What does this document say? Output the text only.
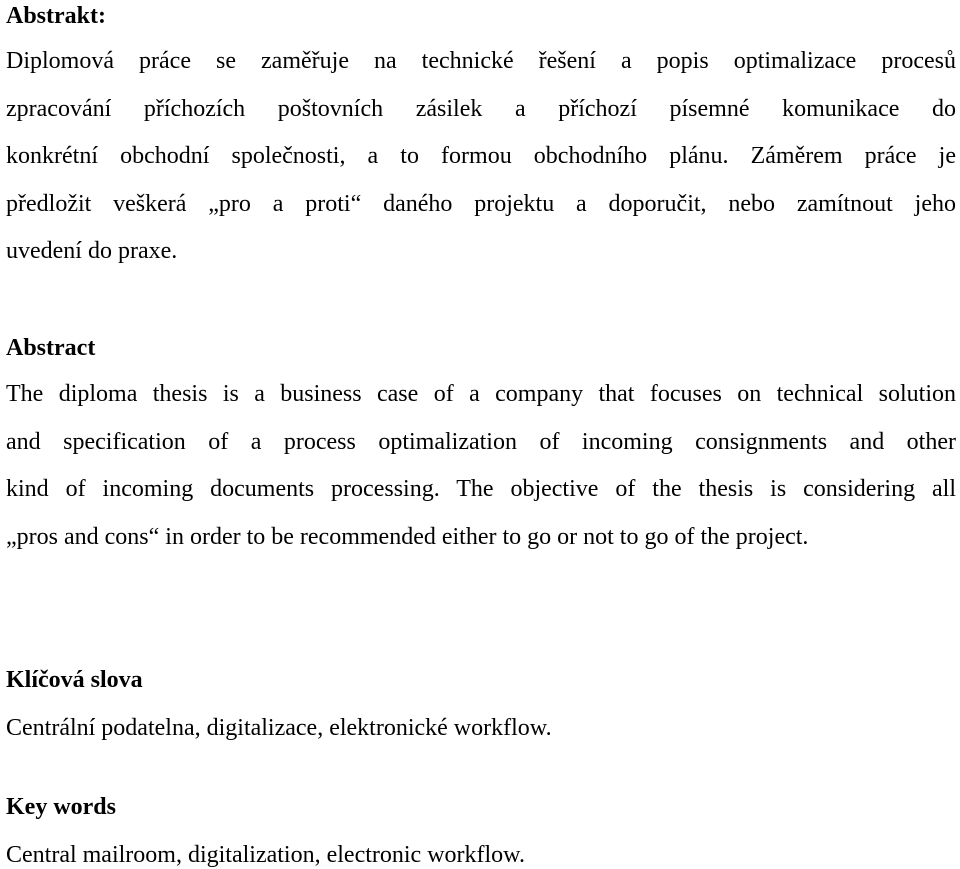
Abstrakt:
Diplomová práce se zaměřuje na technické řešení a popis optimalizace procesů
zpracování příchozích poštovních zásilek a příchozí písemné komunikace do
konkrétní obchodní společnosti, a to formou obchodního plánu. Záměrem práce je
předložit veškerá „pro a proti“ daného projektu a doporučit, nebo zamítnout jeho
uvedení do praxe.
Abstract
The diploma thesis is a business case of a company that focuses on technical solution
and specification of a process optimalization of incoming consignments and other
kind of incoming documents processing. The objective of the thesis is considering all
„pros and cons“ in order to be recommended either to go or not to go of the project.
Klíčová slova
Centrální podatelna, digitalizace, elektronické workflow.
Key words
Central mailroom, digitalization, electronic workflow.
